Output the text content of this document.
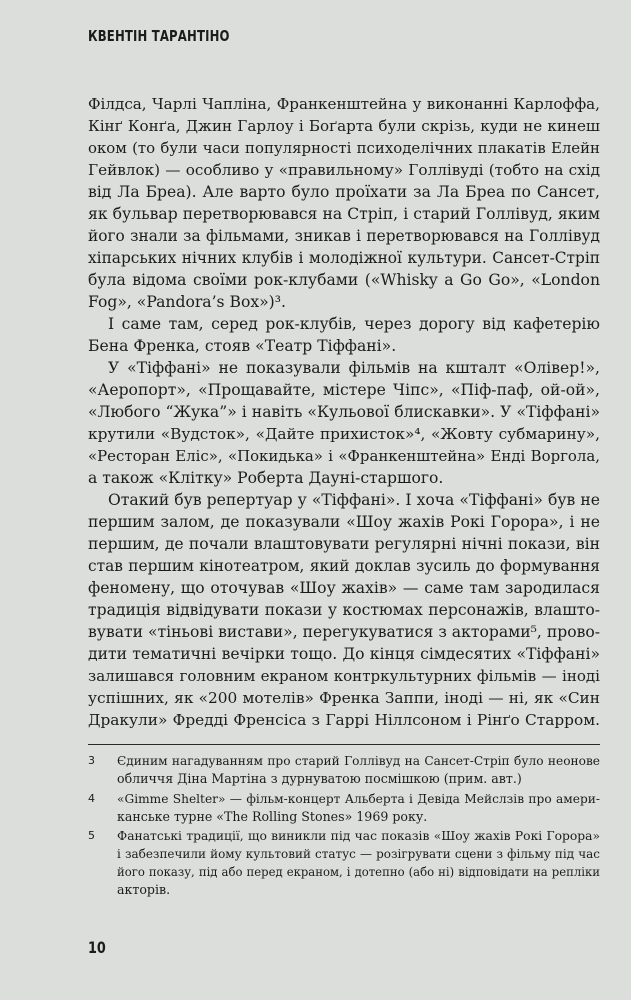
КВЕНТІН ТАРАНТІНО
Філдса, Чарлі Чапліна, Франкенштейна у виконанні Карлоффа,
Кінґ Конґа, Джин Гарлоу і Боґарта були скрізь, куди не кинеш
оком (то були часи популярності психоделічних плакатів Елейн
Гейвлок) — особливо у «правильному» Голлівуді (тобто на схід
від Ла Бреа). Але варто було проїхати за Ла Бреа по Сансет,
як бульвар перетворювався на Стріп, і старий Голлівуд, яким
його знали за фільмами, зникав і перетворювався на Голлівуд
хіпарських нічних клубів і молодіжної культури. Сансет-Стріп
була відома своїми рок-клубами («Whisky a Go Go», «London
Fog», «Pandora’s Box»)³.
І саме там, серед рок-клубів, через дорогу від кафетерію
Бена Френка, стояв «Театр Тіффані».
У «Тіффані» не показували фільмів на кшталт «Олівер!»,
«Аеропорт», «Прощавайте, містере Чіпс», «Піф-паф, ой-ой»,
«Любого “Жука”» і навіть «Кульової блискавки». У «Тіффані»
крутили «Вудсток», «Дайте прихисток»⁴, «Жовту субмарину»,
«Ресторан Еліс», «Покидька» і «Франкенштейна» Енді Воргола,
а також «Клітку» Роберта Дауні-старшого.
Отакий був репертуар у «Тіффані». І хоча «Тіффані» був не
першим залом, де показували «Шоу жахів Рокі Горора», і не
першим, де почали влаштовувати регулярні нічні покази, він
став першим кінотеатром, який доклав зусиль до формування
феномену, що оточував «Шоу жахів» — саме там зародилася
традиція відвідувати покази у костюмах персонажів, влашто-
вувати «тіньові вистави», перегукуватися з акторами⁵, прово-
дити тематичні вечірки тощо. До кінця сімдесятих «Тіффані»
залишався головним екраном контркультурних фільмів — іноді
успішних, як «200 мотелів» Френка Заппи, іноді — ні, як «Син
Дракули» Фредді Френсіса з Гаррі Ніллсоном і Рінґо Старром.
3	Єдиним нагадуванням про старий Голлівуд на Сансет-Стріп було неонове
обличчя Діна Мартіна з дурнуватою посмішкою (прим. авт.)
4	«Gimme Shelter» — фільм-концерт Альберта і Девіда Мейслзів про амери-
канське турне «The Rolling Stones» 1969 року.
5	Фанатські традиції, що виникли під час показів «Шоу жахів Рокі Горора»
і забезпечили йому культовий статус — розігрувати сцени з фільму під час
його показу, під або перед екраном, і дотепно (або ні) відповідати на репліки
акторів.
10
